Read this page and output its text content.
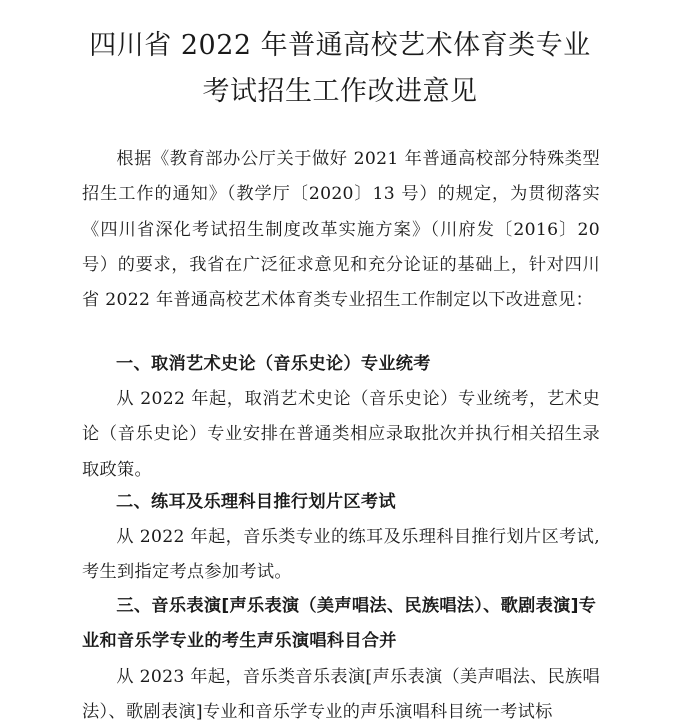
四川省 2022 年普通高校艺术体育类专业
考试招生工作改进意见
根据《教育部办公厅关于做好 2021 年普通高校部分特殊类型招生工作的通知》（教学厅〔2020〕13 号）的规定，为贯彻落实《四川省深化考试招生制度改革实施方案》（川府发〔2016〕20 号）的要求，我省在广泛征求意见和充分论证的基础上，针对四川省 2022 年普通高校艺术体育类专业招生工作制定以下改进意见：
一、取消艺术史论（音乐史论）专业统考
从 2022 年起，取消艺术史论（音乐史论）专业统考，艺术史论（音乐史论）专业安排在普通类相应录取批次并执行相关招生录取政策。
二、练耳及乐理科目推行划片区考试
从 2022 年起，音乐类专业的练耳及乐理科目推行划片区考试,考生到指定考点参加考试。
三、音乐表演[声乐表演（美声唱法、民族唱法）、歌剧表演]专业和音乐学专业的考生声乐演唱科目合并
从 2023 年起，音乐类音乐表演[声乐表演（美声唱法、民族唱法）、歌剧表演]专业和音乐学专业的声乐演唱科目统一考试标
